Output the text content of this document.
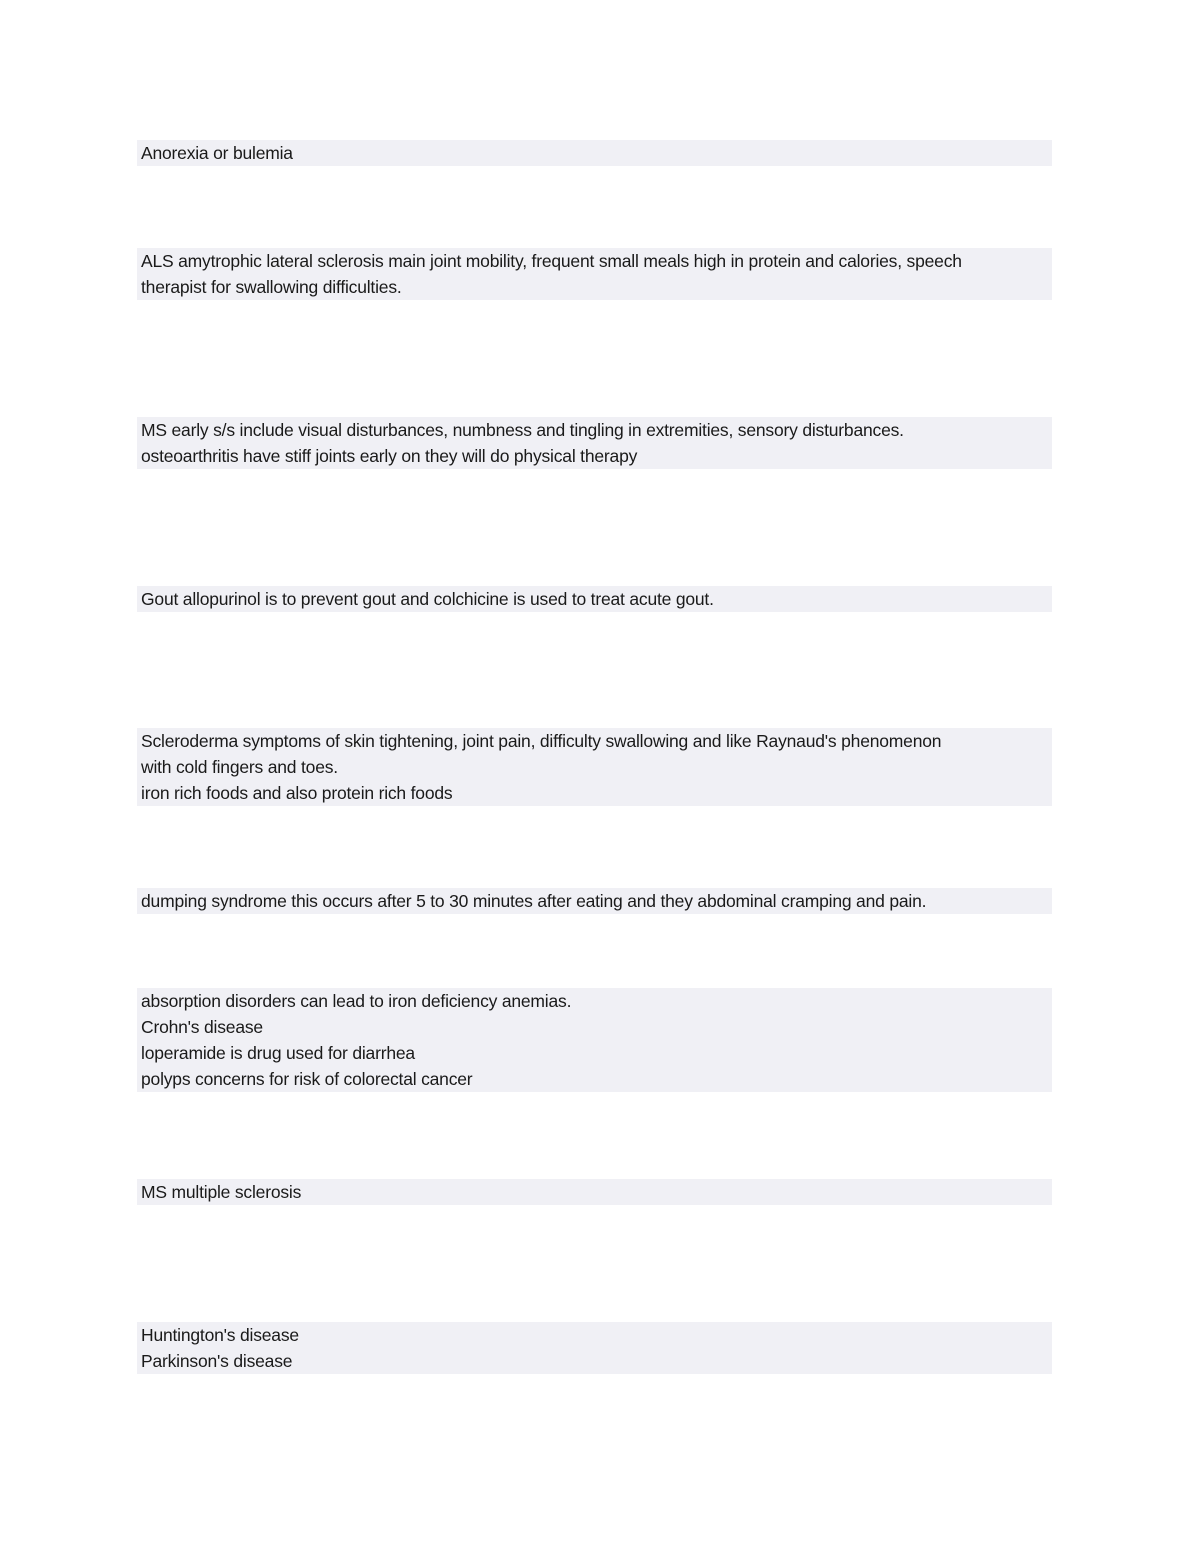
Anorexia or bulemia
ALS amytrophic lateral sclerosis main joint mobility, frequent small meals high in protein and calories, speech
therapist for swallowing difficulties.
MS early s/s include visual disturbances, numbness and tingling in extremities, sensory disturbances.
osteoarthritis have stiff joints early on they will do physical therapy
Gout allopurinol is to prevent gout and colchicine is used to treat acute gout.
Scleroderma symptoms of skin tightening, joint pain, difficulty swallowing and like Raynaud's phenomenon
with cold fingers and toes.
iron rich foods and also protein rich foods
dumping syndrome this occurs after 5 to 30 minutes after eating and they abdominal cramping and pain.
absorption disorders can lead to iron deficiency anemias.
Crohn's disease
loperamide is drug used for diarrhea
polyps concerns for risk of colorectal cancer
MS multiple sclerosis
Huntington's disease
Parkinson's disease
